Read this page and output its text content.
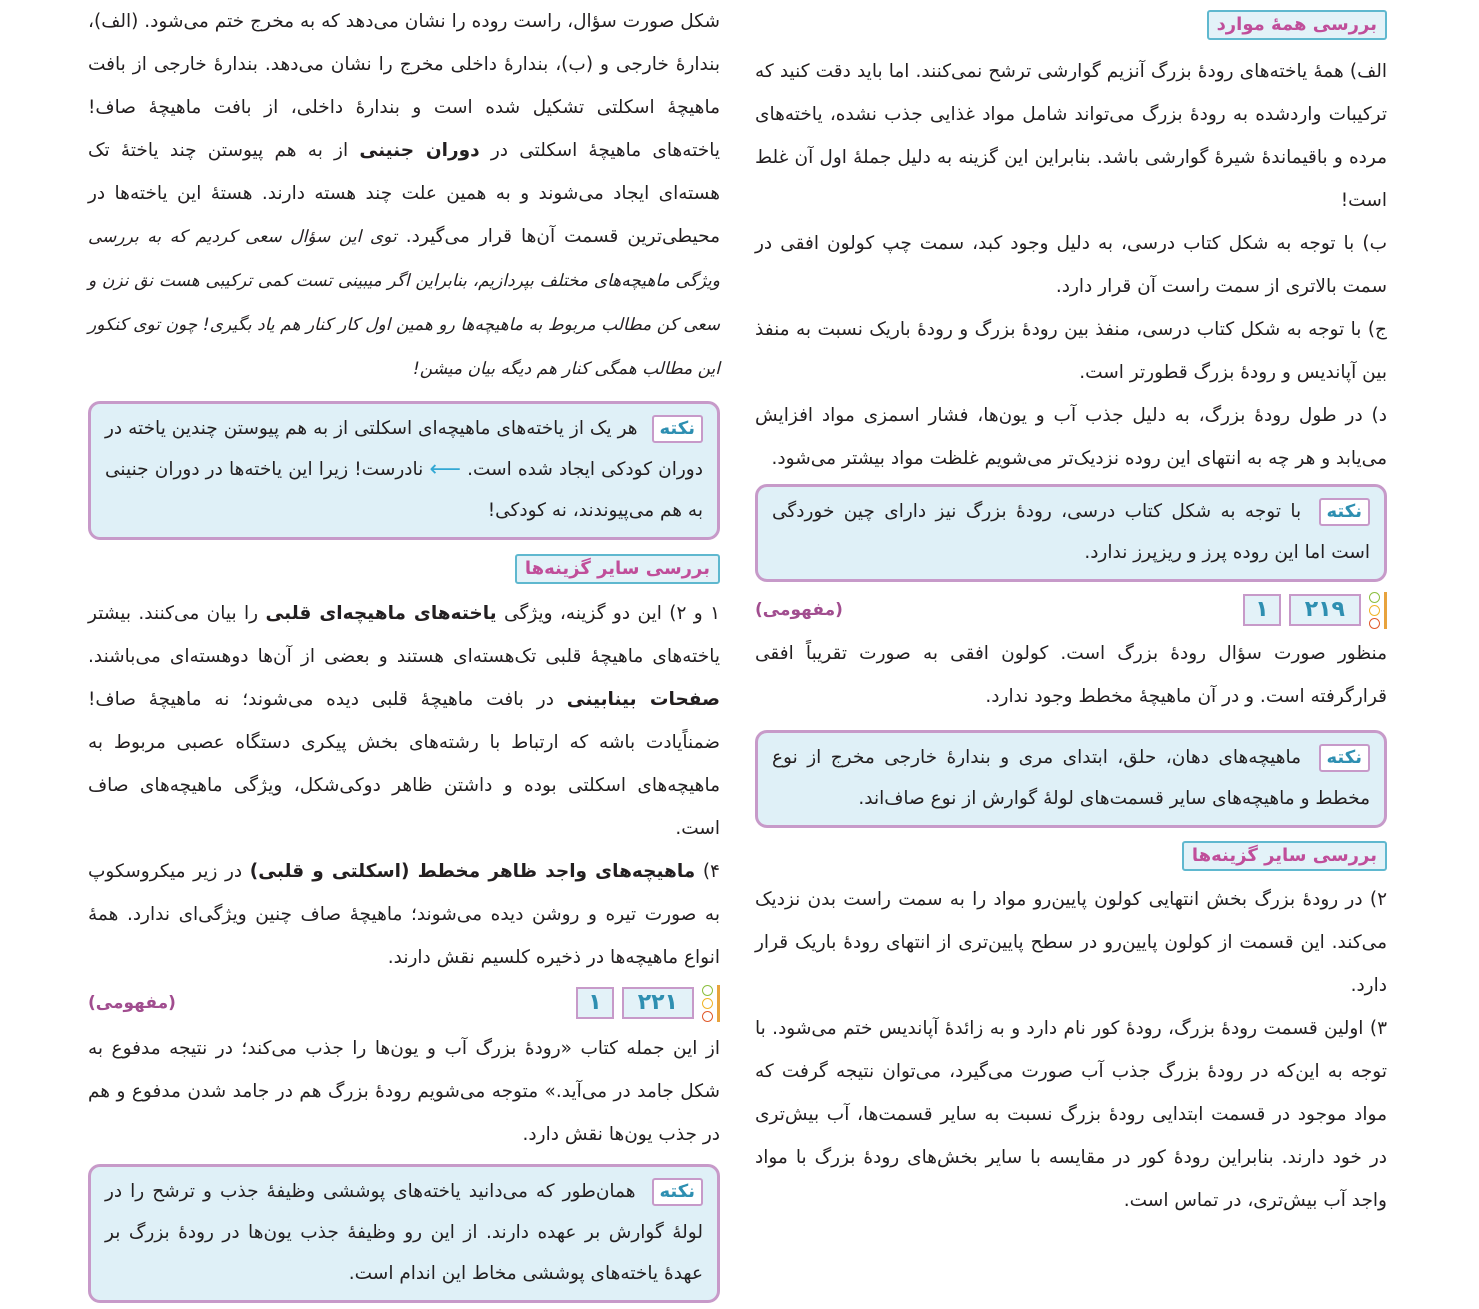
بررسی همهٔ موارد

الف) همهٔ یاخته‌های رودهٔ بزرگ آنزیم گوارشی ترشح نمی‌کنند. اما باید دقت کنید که ترکیبات واردشده به رودهٔ بزرگ می‌تواند شامل مواد غذایی جذب نشده، یاخته‌های مرده و باقیماندهٔ شیرهٔ گوارشی باشد. بنابراین این گزینه به دلیل جملهٔ اول آن غلط است!

ب) با توجه به شکل کتاب درسی، به دلیل وجود کبد، سمت چپ کولون افقی در سمت بالاتری از سمت راست آن قرار دارد.

ج) با توجه به شکل کتاب درسی، منفذ بین رودهٔ بزرگ و رودهٔ باریک نسبت به منفذ بین آپاندیس و رودهٔ بزرگ قطورتر است.

د) در طول رودهٔ بزرگ، به دلیل جذب آب و یون‌ها، فشار اسمزی مواد افزایش می‌یابد و هر چه به انتهای این روده نزدیک‌تر می‌شویم غلظت مواد بیشتر می‌شود.

نکته با توجه به شکل کتاب درسی، رودهٔ بزرگ نیز دارای چین خوردگی است اما این روده پرز و ریزپرز ندارد.

۲۱۹
۱
(مفهومی)

منظور صورت سؤال رودهٔ بزرگ است. کولون افقی به صورت تقریباً افقی قرارگرفته است. و در آن ماهیچهٔ مخطط وجود ندارد.

نکته ماهیچه‌های دهان، حلق، ابتدای مری و بندارهٔ خارجی مخرج از نوع مخطط و ماهیچه‌های سایر قسمت‌های لولهٔ گوارش از نوع صاف‌اند.

بررسی سایر گزینه‌ها

۲) در رودهٔ بزرگ بخش انتهایی کولون پایین‌رو مواد را به سمت راست بدن نزدیک می‌کند. این قسمت از کولون پایین‌رو در سطح پایین‌تری از انتهای رودهٔ باریک قرار دارد.

۳) اولین قسمت رودهٔ بزرگ، رودهٔ کور نام دارد و به زائدهٔ آپاندیس ختم می‌شود. با توجه به این‌که در رودهٔ بزرگ جذب آب صورت می‌گیرد، می‌توان نتیجه گرفت که مواد موجود در قسمت ابتدایی رودهٔ بزرگ نسبت به سایر قسمت‌ها، آب بیش‌تری در خود دارند. بنابراین رودهٔ کور در مقایسه با سایر بخش‌های رودهٔ بزرگ با مواد واجد آب بیش‌تری، در تماس است.

شکل صورت سؤال، راست روده را نشان می‌دهد که به مخرج ختم می‌شود. (الف)، بندارهٔ خارجی و (ب)، بندارهٔ داخلی مخرج را نشان می‌دهد. بندارهٔ خارجی از بافت ماهیچهٔ اسکلتی تشکیل شده است و بندارهٔ داخلی، از بافت ماهیچهٔ صاف! یاخته‌های ماهیچهٔ اسکلتی در دوران جنینی از به هم پیوستن چند یاختهٔ تک هسته‌ای ایجاد می‌شوند و به همین علت چند هسته دارند. هستهٔ این یاخته‌ها در محیطی‌ترین قسمت آن‌ها قرار می‌گیرد. توی این سؤال سعی کردیم که به بررسی ویژگی ماهیچه‌های مختلف بپردازیم، بنابراین اگر میبینی تست کمی ترکیبی هست نق نزن و سعی کن مطالب مربوط به ماهیچه‌ها رو همین اول کار کنار هم یاد بگیری! چون توی کنکور این مطالب همگی کنار هم دیگه بیان میشن!

نکته هر یک از یاخته‌های ماهیچه‌ای اسکلتی از به هم پیوستن چندین یاخته در دوران کودکی ایجاد شده است. ⟵ نادرست! زیرا این یاخته‌ها در دوران جنینی به هم می‌پیوندند، نه کودکی!

بررسی سایر گزینه‌ها

۱ و ۲) این دو گزینه، ویژگی یاخته‌های ماهیچه‌ای قلبی را بیان می‌کنند. بیشتر یاخته‌های ماهیچهٔ قلبی تک‌هسته‌ای هستند و بعضی از آن‌ها دوهسته‌ای می‌باشند. صفحات بینابینی در بافت ماهیچهٔ قلبی دیده می‌شوند؛ نه ماهیچهٔ صاف! ضمناًیادت باشه که ارتباط با رشته‌های بخش پیکری دستگاه عصبی مربوط به ماهیچه‌های اسکلتی بوده و داشتن ظاهر دوکی‌شکل، ویژگی ماهیچه‌های صاف است.

۴) ماهیچه‌های واجد ظاهر مخطط (اسکلتی و قلبی) در زیر میکروسکوپ به صورت تیره و روشن دیده می‌شوند؛ ماهیچهٔ صاف چنین ویژگی‌ای ندارد. همهٔ انواع ماهیچه‌ها در ذخیره کلسیم نقش دارند.

۲۲۱
۱
(مفهومی)

از این جمله کتاب «رودهٔ بزرگ آب و یون‌ها را جذب می‌کند؛ در نتیجه مدفوع به شکل جامد در می‌آید.» متوجه می‌شویم رودهٔ بزرگ هم در جامد شدن مدفوع و هم در جذب یون‌ها نقش دارد.

نکته همان‌طور که می‌دانید یاخته‌های پوششی وظیفهٔ جذب و ترشح را در لولهٔ گوارش بر عهده دارند. از این رو وظیفهٔ جذب یون‌ها در رودهٔ بزرگ بر عهدهٔ یاخته‌های پوششی مخاط این اندام است.
